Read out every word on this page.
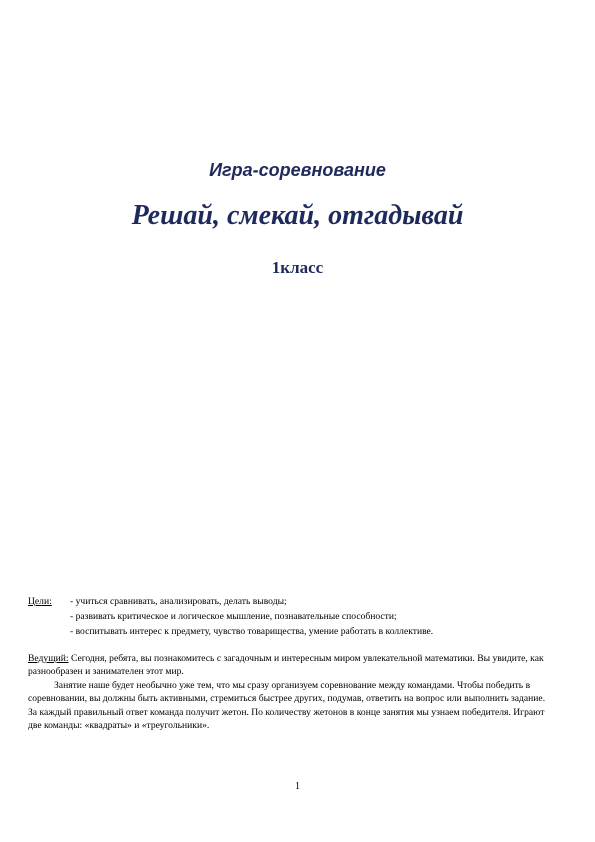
Игра-соревнование
Решай, смекай, отгадывай
1класс
Цели: - учиться сравнивать, анализировать, делать выводы;
- развивать критическое и логическое мышление, познавательные способности;
- воспитывать интерес к предмету, чувство товарищества, умение работать в коллективе.

Ведущий: Сегодня, ребята, вы познакомитесь с загадочным и интересным миром увлекательной математики. Вы увидите, как разнообразен и занимателен этот мир.

Занятие наше будет необычно уже тем, что мы сразу организуем соревнование между командами. Чтобы победить в соревновании, вы должны быть активными, стремиться быстрее других, подумав, ответить на вопрос или выполнить задание. За каждый правильный ответ команда получит жетон. По количеству жетонов в конце занятия мы узнаем победителя. Играют две команды: «квадраты» и «треугольники».

1
